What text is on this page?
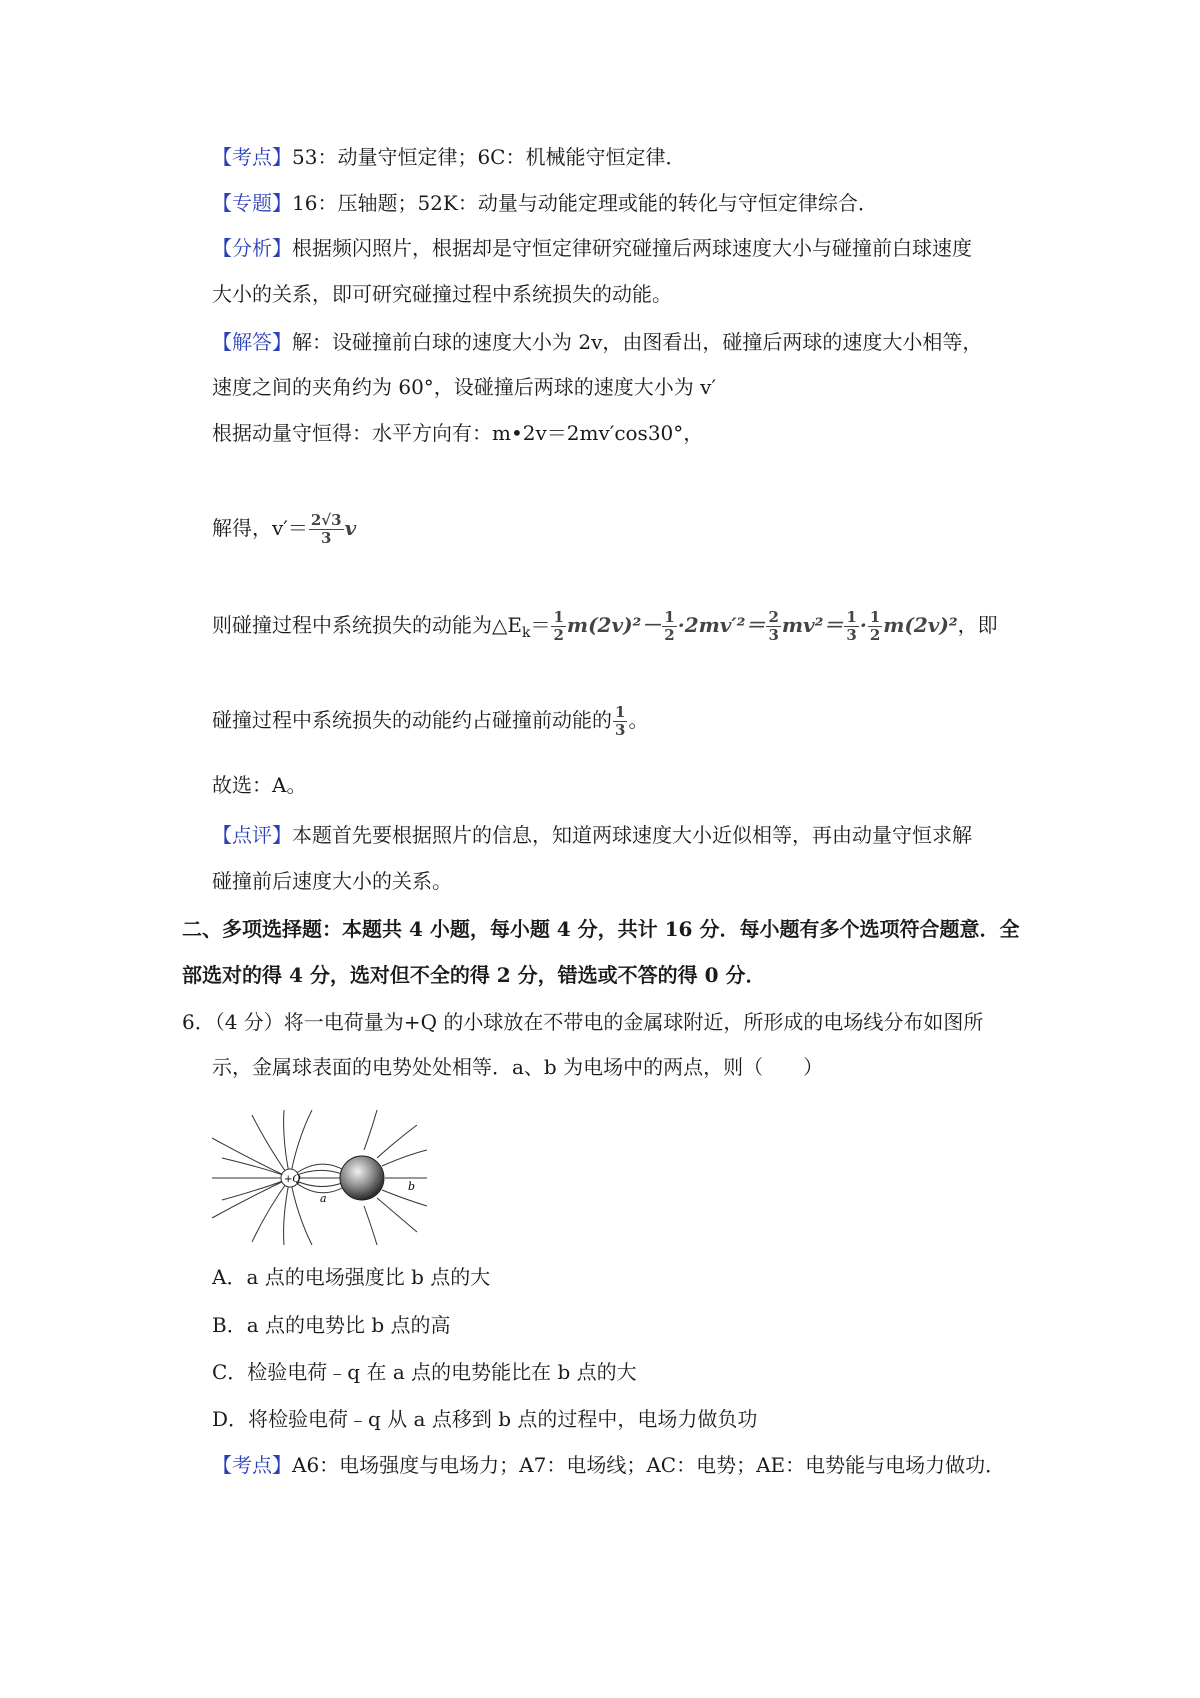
【考点】53：动量守恒定律；6C：机械能守恒定律．
【专题】16：压轴题；52K：动量与动能定理或能的转化与守恒定律综合．
【分析】根据频闪照片，根据却是守恒定律研究碰撞后两球速度大小与碰撞前白球速度
大小的关系，即可研究碰撞过程中系统损失的动能。
【解答】解：设碰撞前白球的速度大小为 2v，由图看出，碰撞后两球的速度大小相等，
速度之间的夹角约为 60°，设碰撞后两球的速度大小为 v′
根据动量守恒得：水平方向有：m•2v＝2mv′cos30°，
解得，$v'= \frac{2√3}{3}$ v
则碰撞过程中系统损失的动能为$\triangle E_k= \frac{1}{2} m(2v)^2- \frac{1}{2} \cdot 2mv'^2= \frac{2}{3} mv^2= \frac{1}{3} \cdot \frac{1}{2} m(2v)^2$，即
碰撞过程中系统损失的动能约占碰撞前动能的 $\frac{1}{3}$ 。
故选：A。
【点评】本题首先要根据照片的信息，知道两球速度大小近似相等，再由动量守恒求解
碰撞前后速度大小的关系。
二、多项选择题：本题共 4 小题，每小题 4 分，共计 16 分．每小题有多个选项符合题意．全
部选对的得 4 分，选对但不全的得 2 分，错选或不答的得 0 分．
6．（4 分）将一电荷量为+Q 的小球放在不带电的金属球附近，所形成的电场线分布如图所
示，金属球表面的电势处处相等．a、b 为电场中的两点，则（　　）
+Q
a
b
A．a 点的电场强度比 b 点的大
B．a 点的电势比 b 点的高
C．检验电荷﹣q 在 a 点的电势能比在 b 点的大
D．将检验电荷﹣q 从 a 点移到 b 点的过程中，电场力做负功
【考点】A6：电场强度与电场力；A7：电场线；AC：电势；AE：电势能与电场力做功．
